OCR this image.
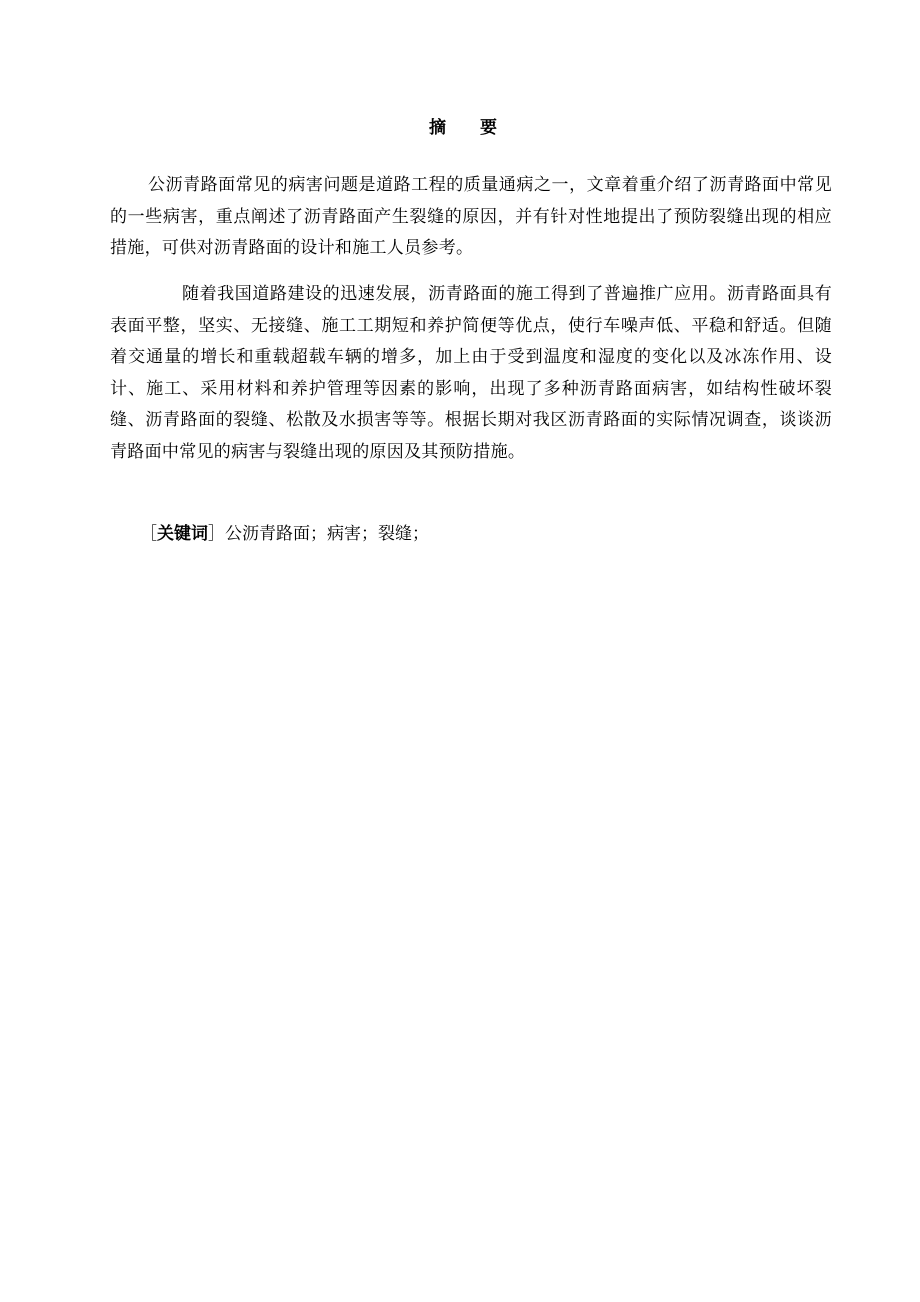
摘 要

公沥青路面常见的病害问题是道路工程的质量通病之一，文章着重介绍了沥青路面中常见的一些病害，重点阐述了沥青路面产生裂缝的原因，并有针对性地提出了预防裂缝出现的相应措施，可供对沥青路面的设计和施工人员参考。

随着我国道路建设的迅速发展，沥青路面的施工得到了普遍推广应用。沥青路面具有表面平整，坚实、无接缝、施工工期短和养护简便等优点，使行车噪声低、平稳和舒适。但随着交通量的增长和重载超载车辆的增多，加上由于受到温度和湿度的变化以及冰冻作用、设计、施工、采用材料和养护管理等因素的影响，出现了多种沥青路面病害，如结构性破坏裂缝、沥青路面的裂缝、松散及水损害等等。根据长期对我区沥青路面的实际情况调查，谈谈沥青路面中常见的病害与裂缝出现的原因及其预防措施。

［关键词］公沥青路面；病害；裂缝；
